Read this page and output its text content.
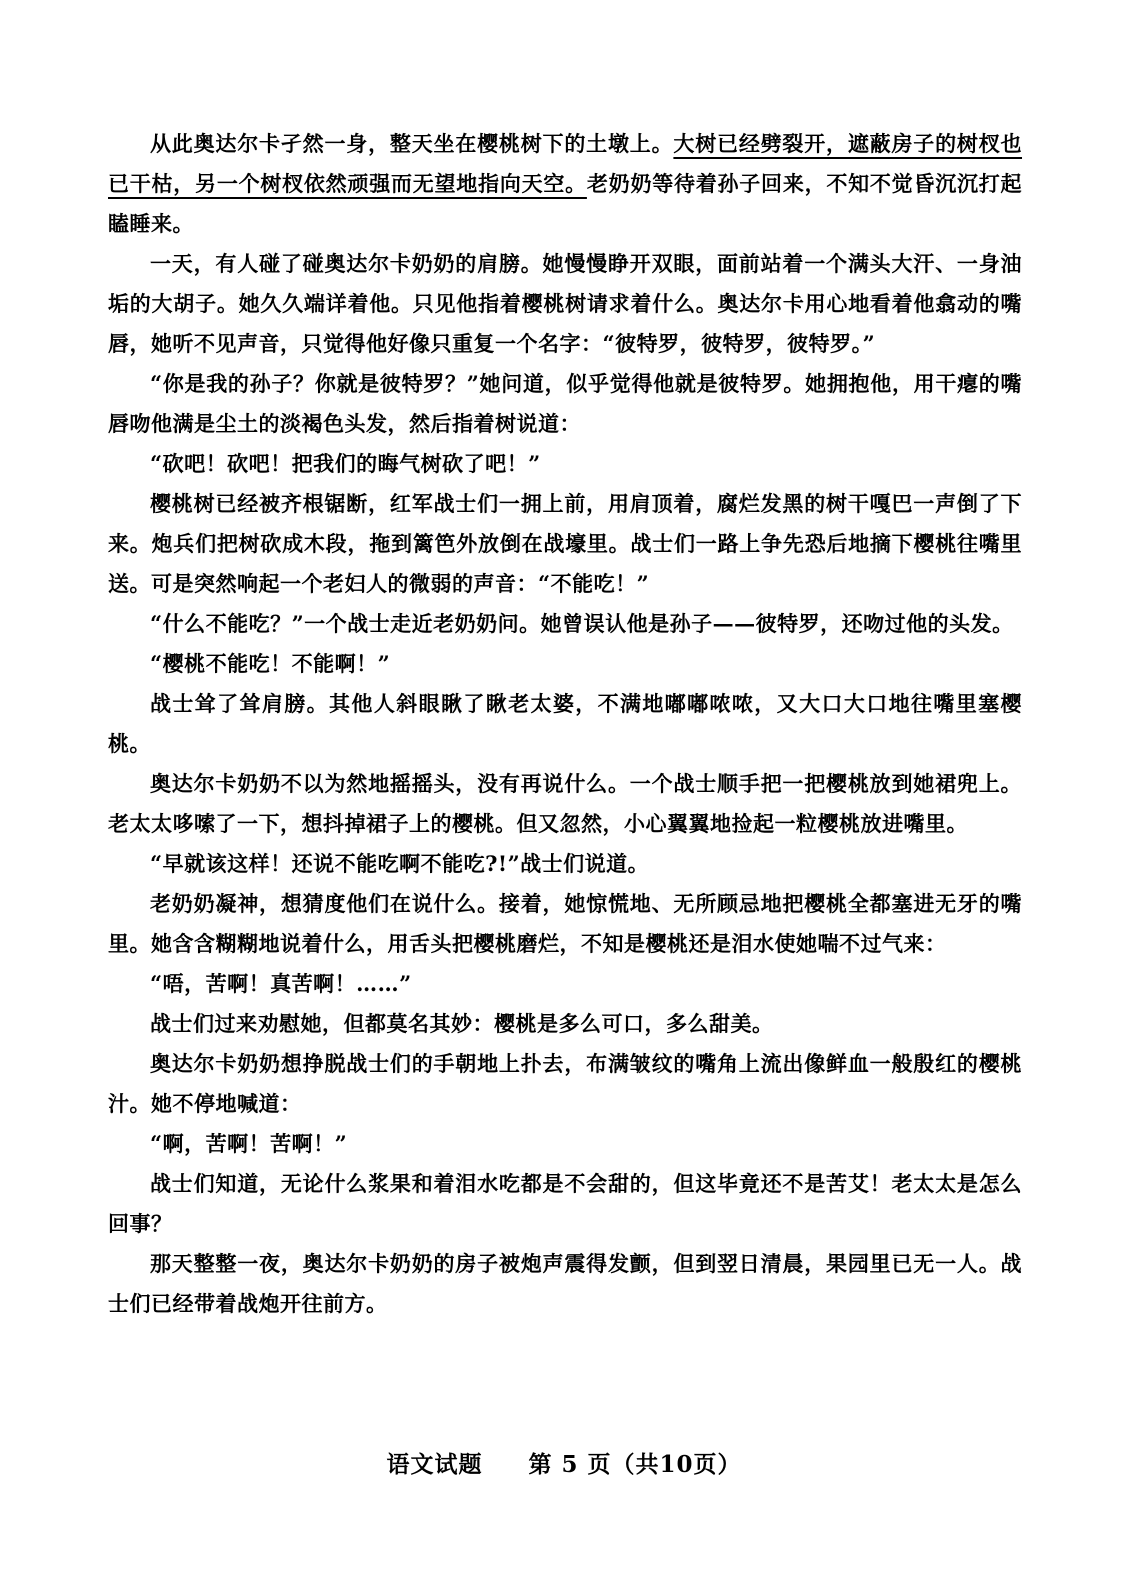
从此奥达尔卡孑然一身，整天坐在樱桃树下的土墩上。大树已经劈裂开，遮蔽房子的树杈也已干枯，另一个树杈依然顽强而无望地指向天空。老奶奶等待着孙子回来，不知不觉昏沉沉打起瞌睡来。

一天，有人碰了碰奥达尔卡奶奶的肩膀。她慢慢睁开双眼，面前站着一个满头大汗、一身油垢的大胡子。她久久端详着他。只见他指着樱桃树请求着什么。奥达尔卡用心地看着他翕动的嘴唇，她听不见声音，只觉得他好像只重复一个名字：“彼特罗，彼特罗，彼特罗。”

“你是我的孙子？你就是彼特罗？”她问道，似乎觉得他就是彼特罗。她拥抱他，用干瘪的嘴唇吻他满是尘土的淡褐色头发，然后指着树说道：

“砍吧！砍吧！把我们的晦气树砍了吧！”

樱桃树已经被齐根锯断，红军战士们一拥上前，用肩顶着，腐烂发黑的树干嘎巴一声倒了下来。炮兵们把树砍成木段，拖到篱笆外放倒在战壕里。战士们一路上争先恐后地摘下樱桃往嘴里送。可是突然响起一个老妇人的微弱的声音：“不能吃！”

“什么不能吃？”一个战士走近老奶奶问。她曾误认他是孙子——彼特罗，还吻过他的头发。

“樱桃不能吃！不能啊！”

战士耸了耸肩膀。其他人斜眼瞅了瞅老太婆，不满地嘟嘟哝哝，又大口大口地往嘴里塞樱桃。

奥达尔卡奶奶不以为然地摇摇头，没有再说什么。一个战士顺手把一把樱桃放到她裙兜上。老太太哆嗦了一下，想抖掉裙子上的樱桃。但又忽然，小心翼翼地捡起一粒樱桃放进嘴里。

“早就该这样！还说不能吃啊不能吃?!”战士们说道。

老奶奶凝神，想猜度他们在说什么。接着，她惊慌地、无所顾忌地把樱桃全都塞进无牙的嘴里。她含含糊糊地说着什么，用舌头把樱桃磨烂，不知是樱桃还是泪水使她喘不过气来：

“唔，苦啊！真苦啊！……”

战士们过来劝慰她，但都莫名其妙：樱桃是多么可口，多么甜美。

奥达尔卡奶奶想挣脱战士们的手朝地上扑去，布满皱纹的嘴角上流出像鲜血一般殷红的樱桃汁。她不停地喊道：

“啊，苦啊！苦啊！”

战士们知道，无论什么浆果和着泪水吃都是不会甜的，但这毕竟还不是苦艾！老太太是怎么回事？

那天整整一夜，奥达尔卡奶奶的房子被炮声震得发颤，但到翌日清晨，果园里已无一人。战士们已经带着战炮开往前方。

语文试题 第 5 页（共10页）
